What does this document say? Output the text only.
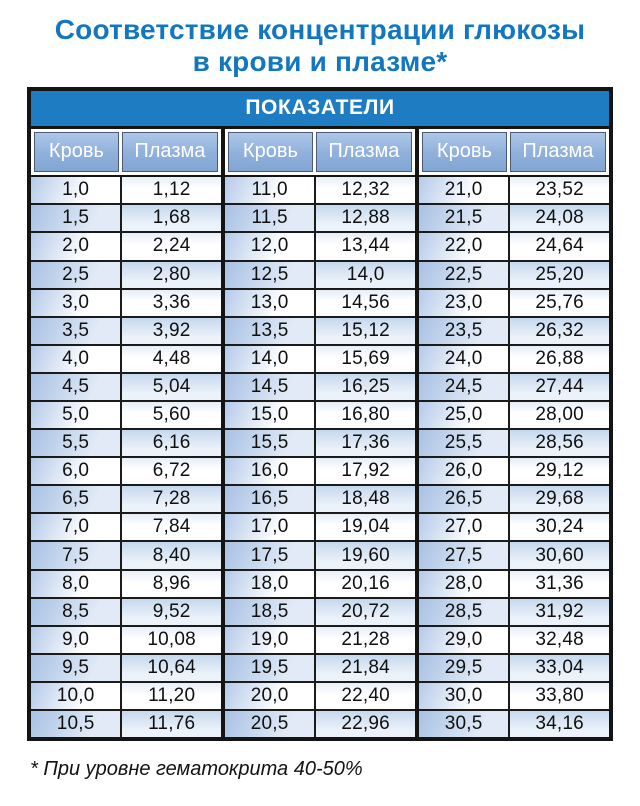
Соответствие концентрации глюкозы
в крови и плазме*
ПОКАЗАТЕЛИ
Кровь	Плазма
1,0	1,12
1,5	1,68
2,0	2,24
2,5	2,80
3,0	3,36
3,5	3,92
4,0	4,48
4,5	5,04
5,0	5,60
5,5	6,16
6,0	6,72
6,5	7,28
7,0	7,84
7,5	8,40
8,0	8,96
8,5	9,52
9,0	10,08
9,5	10,64
10,0	11,20
10,5	11,76
Кровь	Плазма
11,0	12,32
11,5	12,88
12,0	13,44
12,5	14,0
13,0	14,56
13,5	15,12
14,0	15,69
14,5	16,25
15,0	16,80
15,5	17,36
16,0	17,92
16,5	18,48
17,0	19,04
17,5	19,60
18,0	20,16
18,5	20,72
19,0	21,28
19,5	21,84
20,0	22,40
20,5	22,96
Кровь	Плазма
21,0	23,52
21,5	24,08
22,0	24,64
22,5	25,20
23,0	25,76
23,5	26,32
24,0	26,88
24,5	27,44
25,0	28,00
25,5	28,56
26,0	29,12
26,5	29,68
27,0	30,24
27,5	30,60
28,0	31,36
28,5	31,92
29,0	32,48
29,5	33,04
30,0	33,80
30,5	34,16
* При уровне гематокрита 40-50%
